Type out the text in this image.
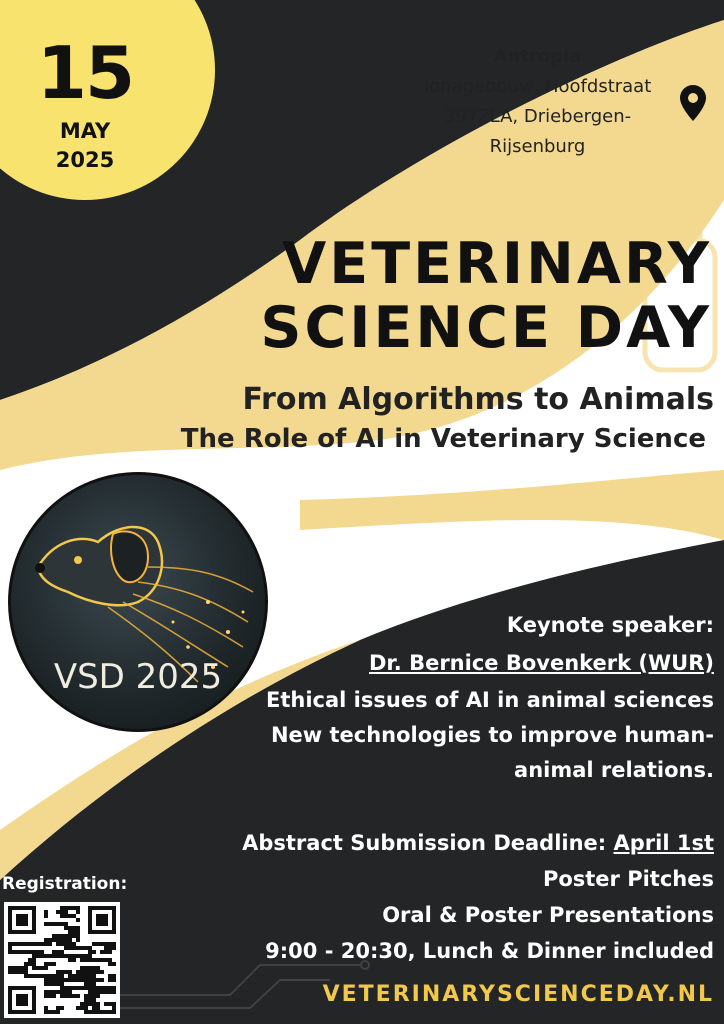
15
MAY
2025
Antropia
Ionagebouw, Hoofdstraat
3972LA, Driebergen-
Rijsenburg
VETERINARY
SCIENCE DAY
From Algorithms to Animals
The Role of AI in Veterinary Science
VSD 2025
Keynote speaker:
Dr. Bernice Bovenkerk (WUR)
Ethical issues of AI in animal sciences
New technologies to improve human-
animal relations.
Abstract Submission Deadline: April 1st
Poster Pitches
Oral & Poster Presentations
9:00 - 20:30, Lunch & Dinner included
Registration:
VETERINARYSCIENCEDAY.NL
